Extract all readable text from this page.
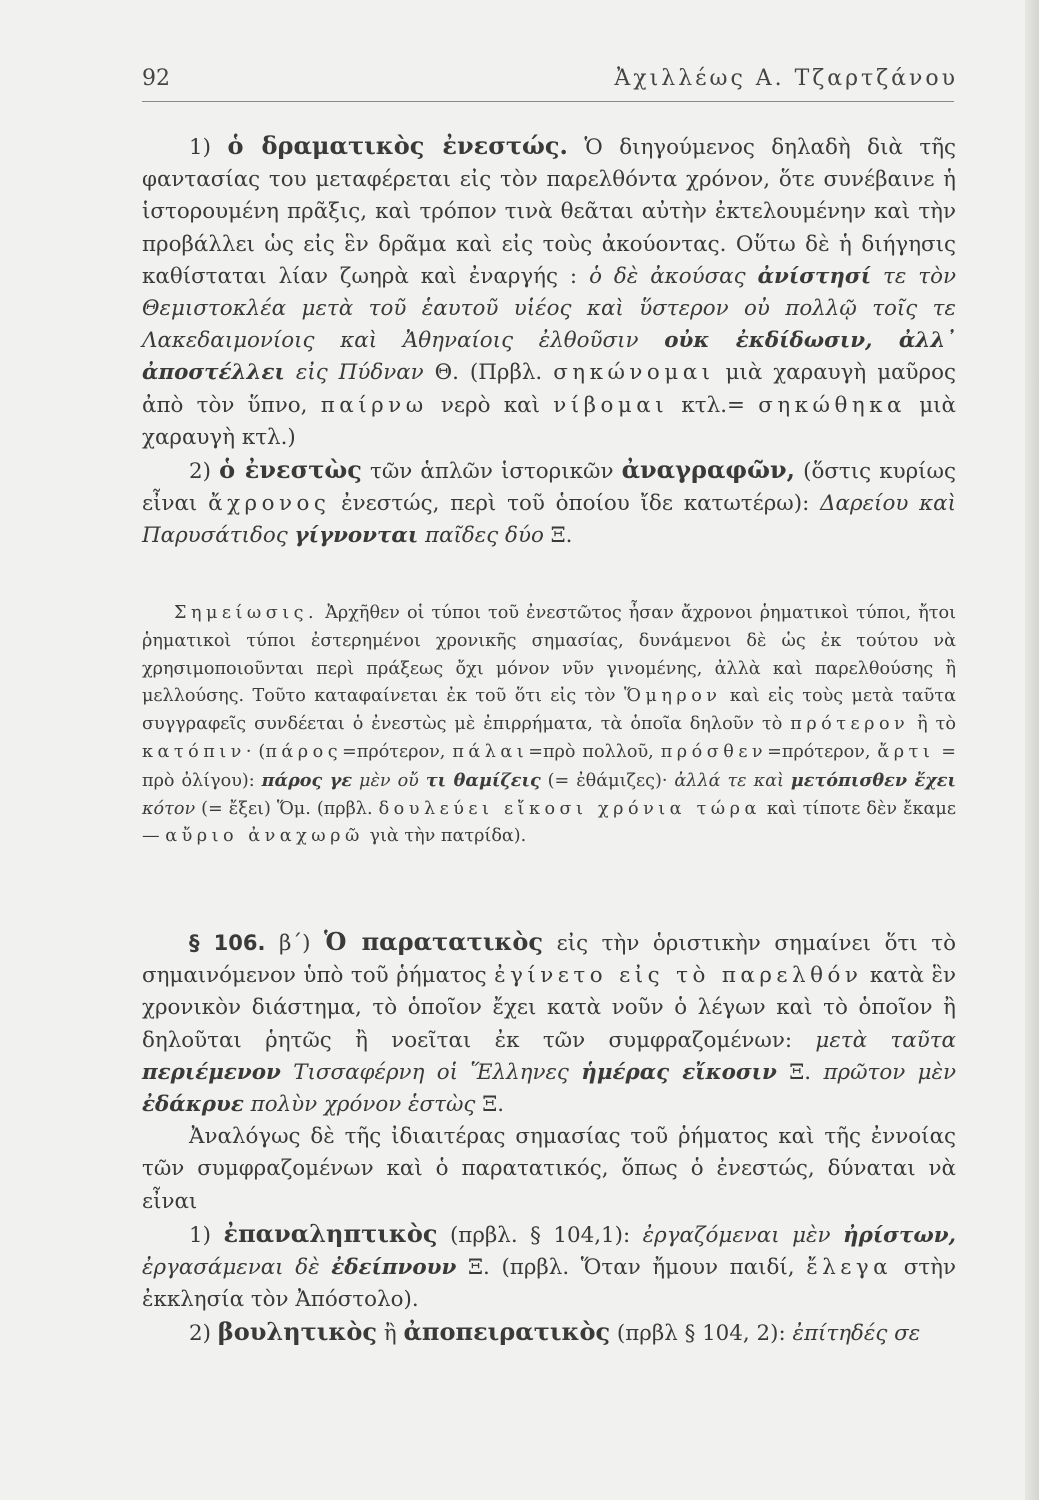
92	Ἀχιλλέως Α. Τζαρτζάνου

1) ὁ δραματικὸς ἐνεστώς. Ὁ διηγούμενος δηλαδὴ διὰ τῆς φαντασίας του μεταφέρεται εἰς τὸν παρελθόντα χρόνον, ὅτε συνέβαινε ἡ ἱστορουμένη πρᾶξις, καὶ τρόπον τινὰ θεᾶται αὐτὴν ἐκτελουμένην καὶ τὴν προβάλλει ὡς εἰς ἓν δρᾶμα καὶ εἰς τοὺς ἀκούοντας. Οὕτω δὲ ἡ διήγησις καθίσταται λίαν ζωηρὰ καὶ ἐναργής : ὁ δὲ ἀκούσας ἀνίστησί τε τὸν Θεμιστοκλέα μετὰ τοῦ ἑαυτοῦ υἱέος καὶ ὕστερον οὐ πολλῷ τοῖς τε Λακεδαιμονίοις καὶ Ἀθηναίοις ἐλθοῦσιν οὐκ ἐκδίδωσιν, ἀλλ᾽ ἀποστέλλει εἰς Πύδναν Θ. (Πρβλ. σηκώνομαι μιὰ χαραυγὴ μαῦρος ἀπὸ τὸν ὕπνο, παίρνω νερὸ καὶ νίβομαι κτλ.= σηκώθηκα μιὰ χαραυγὴ κτλ.)

2) ὁ ἐνεστὼς τῶν ἁπλῶν ἱστορικῶν ἀναγραφῶν, (ὅστις κυρίως εἶναι ἄχρονος ἐνεστώς, περὶ τοῦ ὁποίου ἴδε κατωτέρω): Δαρείου καὶ Παρυσάτιδος γίγνονται παῖδες δύο Ξ.

Σημείωσις. Ἀρχῆθεν οἱ τύποι τοῦ ἐνεστῶτος ἦσαν ἄχρονοι ῥηματικοὶ τύποι, ἤτοι ῥηματικοὶ τύποι ἐστερημένοι χρονικῆς σημασίας, δυνάμενοι δὲ ὡς ἐκ τούτου νὰ χρησιμοποιοῦνται περὶ πράξεως ὄχι μόνον νῦν γινομένης, ἀλλὰ καὶ παρελθούσης ἢ μελλούσης. Τοῦτο καταφαίνεται ἐκ τοῦ ὅτι εἰς τὸν Ὅμηρον καὶ εἰς τοὺς μετὰ ταῦτα συγγραφεῖς συνδέεται ὁ ἐνεστὼς μὲ ἐπιρρήματα, τὰ ὁποῖα δηλοῦν τὸ πρότερον ἢ τὸ κατόπιν· (πάρος=πρότερον, πάλαι=πρὸ πολλοῦ, πρόσθεν=πρότερον, ἄρτι = πρὸ ὀλίγου): πάρος γε μὲν οὔ τι θαμίζεις (= ἐθάμιζες)· ἀλλά τε καὶ μετόπισθεν ἔχει κότον (= ἔξει) Ὅμ. (πρβλ. δουλεύει εἴκοσι χρόνια τώρα καὶ τίποτε δὲν ἔκαμε — αὔριο ἀναχωρῶ γιὰ τὴν πατρίδα).

§ 106. β΄) Ὁ παρατατικὸς εἰς τὴν ὁριστικὴν σημαίνει ὅτι τὸ σημαινόμενον ὑπὸ τοῦ ῥήματος ἐγίνετο εἰς τὸ παρελθόν κατὰ ἓν χρονικὸν διάστημα, τὸ ὁποῖον ἔχει κατὰ νοῦν ὁ λέγων καὶ τὸ ὁποῖον ἢ δηλοῦται ῥητῶς ἢ νοεῖται ἐκ τῶν συμφραζομένων: μετὰ ταῦτα περιέμενον Τισσαφέρνη οἱ Ἕλληνες ἡμέρας εἴκοσιν Ξ. πρῶτον μὲν ἐδάκρυε πολὺν χρόνον ἑστὼς Ξ.

Ἀναλόγως δὲ τῆς ἰδιαιτέρας σημασίας τοῦ ῥήματος καὶ τῆς ἐννοίας τῶν συμφραζομένων καὶ ὁ παρατατικός, ὅπως ὁ ἐνεστώς, δύναται νὰ εἶναι

1) ἐπαναληπτικὸς (πρβλ. § 104,1): ἐργαζόμεναι μὲν ἠρίστων, ἐργασάμεναι δὲ ἐδείπνουν Ξ. (πρβλ. Ὅταν ἤμουν παιδί, ἔλεγα στὴν ἐκκλησία τὸν Ἀπόστολο).

2) βουλητικὸς ἢ ἀποπειρατικὸς (πρβλ § 104, 2): ἐπίτηδές σε
